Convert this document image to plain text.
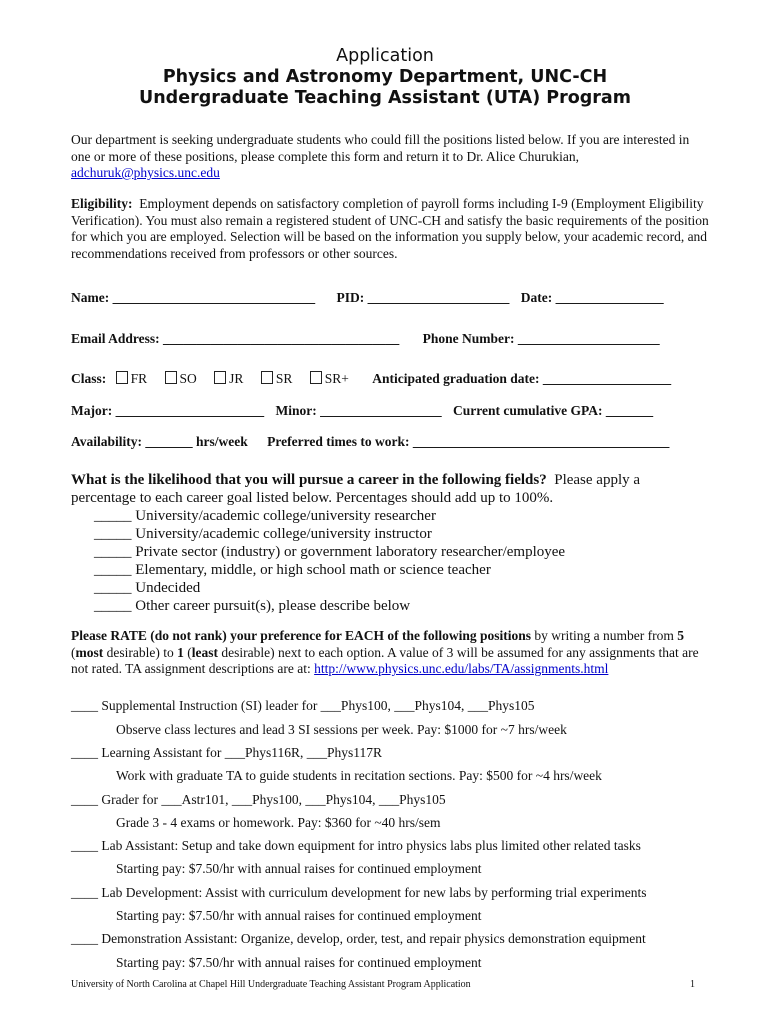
Application
Physics and Astronomy Department, UNC-CH
Undergraduate Teaching Assistant (UTA) Program
Our department is seeking undergraduate students who could fill the positions listed below. If you are interested in one or more of these positions, please complete this form and return it to Dr. Alice Churukian,
adchuruk@physics.unc.edu
Eligibility: Employment depends on satisfactory completion of payroll forms including I-9 (Employment Eligibility Verification). You must also remain a registered student of UNC-CH and satisfy the basic requirements of the position for which you are employed. Selection will be based on the information you supply below, your academic record, and recommendations received from professors or other sources.
Name: ______________________________ PID: _____________________ Date: ________________
Email Address: ___________________________________ Phone Number: _____________________
Class: FR SO JR SR SR+ Anticipated graduation date: ___________________
Major: ______________________ Minor: __________________ Current cumulative GPA: _______
Availability: _______ hrs/week Preferred times to work: ______________________________________
What is the likelihood that you will pursue a career in the following fields? Please apply a percentage to each career goal listed below. Percentages should add up to 100%.
_____ University/academic college/university researcher
_____ University/academic college/university instructor
_____ Private sector (industry) or government laboratory researcher/employee
_____ Elementary, middle, or high school math or science teacher
_____ Undecided
_____ Other career pursuit(s), please describe below
Please RATE (do not rank) your preference for EACH of the following positions by writing a number from 5 (most desirable) to 1 (least desirable) next to each option. A value of 3 will be assumed for any assignments that are not rated. TA assignment descriptions are at: http://www.physics.unc.edu/labs/TA/assignments.html
____ Supplemental Instruction (SI) leader for ___Phys100, ___Phys104, ___Phys105
Observe class lectures and lead 3 SI sessions per week. Pay: $1000 for ~7 hrs/week
____ Learning Assistant for ___Phys116R, ___Phys117R
Work with graduate TA to guide students in recitation sections. Pay: $500 for ~4 hrs/week
____ Grader for ___Astr101, ___Phys100, ___Phys104, ___Phys105
Grade 3 - 4 exams or homework. Pay: $360 for ~40 hrs/sem
____ Lab Assistant: Setup and take down equipment for intro physics labs plus limited other related tasks
Starting pay: $7.50/hr with annual raises for continued employment
____ Lab Development: Assist with curriculum development for new labs by performing trial experiments
Starting pay: $7.50/hr with annual raises for continued employment
____ Demonstration Assistant: Organize, develop, order, test, and repair physics demonstration equipment
Starting pay: $7.50/hr with annual raises for continued employment
University of North Carolina at Chapel Hill Undergraduate Teaching Assistant Program Application	1
